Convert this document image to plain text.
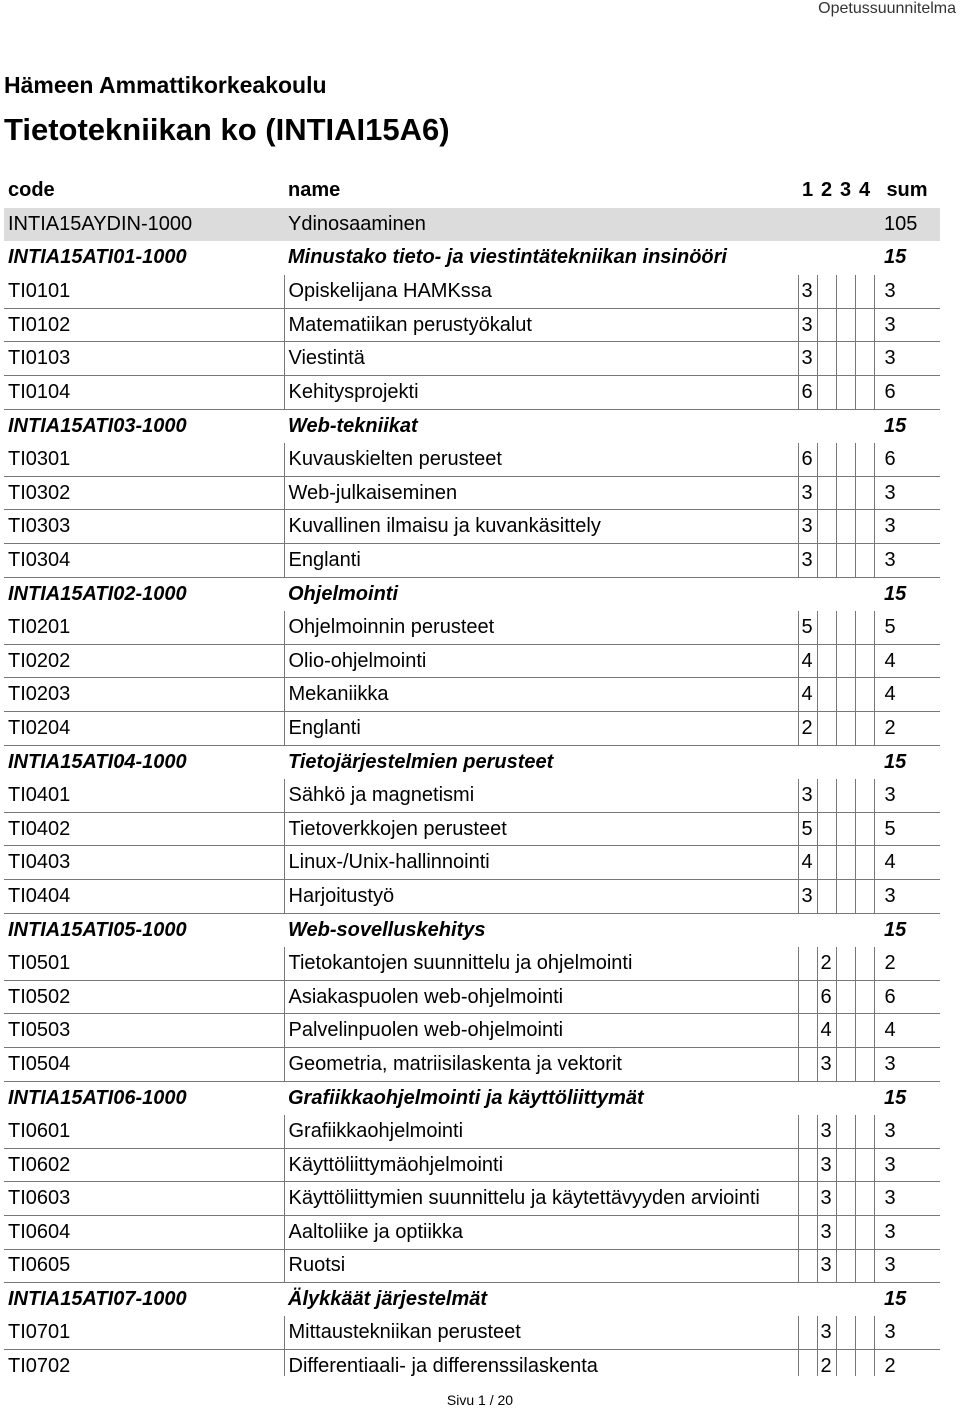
Opetussuunnitelma
Hämeen Ammattikorkeakoulu
Tietotekniikan ko (INTIAI15A6)
code	name	1	2	3	4	sum
INTIA15AYDIN-1000	Ydinosaaminen					105
INTIA15ATI01-1000	Minustako tieto- ja viestintätekniikan insinööri					15
TI0101	Opiskelijana HAMKssa	3				3
TI0102	Matematiikan perustyökalut	3				3
TI0103	Viestintä	3				3
TI0104	Kehitysprojekti	6				6
INTIA15ATI03-1000	Web-tekniikat					15
TI0301	Kuvauskielten perusteet	6				6
TI0302	Web-julkaiseminen	3				3
TI0303	Kuvallinen ilmaisu ja kuvankäsittely	3				3
TI0304	Englanti	3				3
INTIA15ATI02-1000	Ohjelmointi					15
TI0201	Ohjelmoinnin perusteet	5				5
TI0202	Olio-ohjelmointi	4				4
TI0203	Mekaniikka	4				4
TI0204	Englanti	2				2
INTIA15ATI04-1000	Tietojärjestelmien perusteet					15
TI0401	Sähkö ja magnetismi	3				3
TI0402	Tietoverkkojen perusteet	5				5
TI0403	Linux-/Unix-hallinnointi	4				4
TI0404	Harjoitustyö	3				3
INTIA15ATI05-1000	Web-sovelluskehitys					15
TI0501	Tietokantojen suunnittelu ja ohjelmointi		2			2
TI0502	Asiakaspuolen web-ohjelmointi		6			6
TI0503	Palvelinpuolen web-ohjelmointi		4			4
TI0504	Geometria, matriisilaskenta ja vektorit		3			3
INTIA15ATI06-1000	Grafiikkaohjelmointi ja käyttöliittymät					15
TI0601	Grafiikkaohjelmointi		3			3
TI0602	Käyttöliittymäohjelmointi		3			3
TI0603	Käyttöliittymien suunnittelu ja käytettävyyden arviointi		3			3
TI0604	Aaltoliike ja optiikka		3			3
TI0605	Ruotsi		3			3
INTIA15ATI07-1000	Älykkäät järjestelmät					15
TI0701	Mittaustekniikan perusteet		3			3
TI0702	Differentiaali- ja differenssilaskenta		2			2
Sivu 1 / 20
